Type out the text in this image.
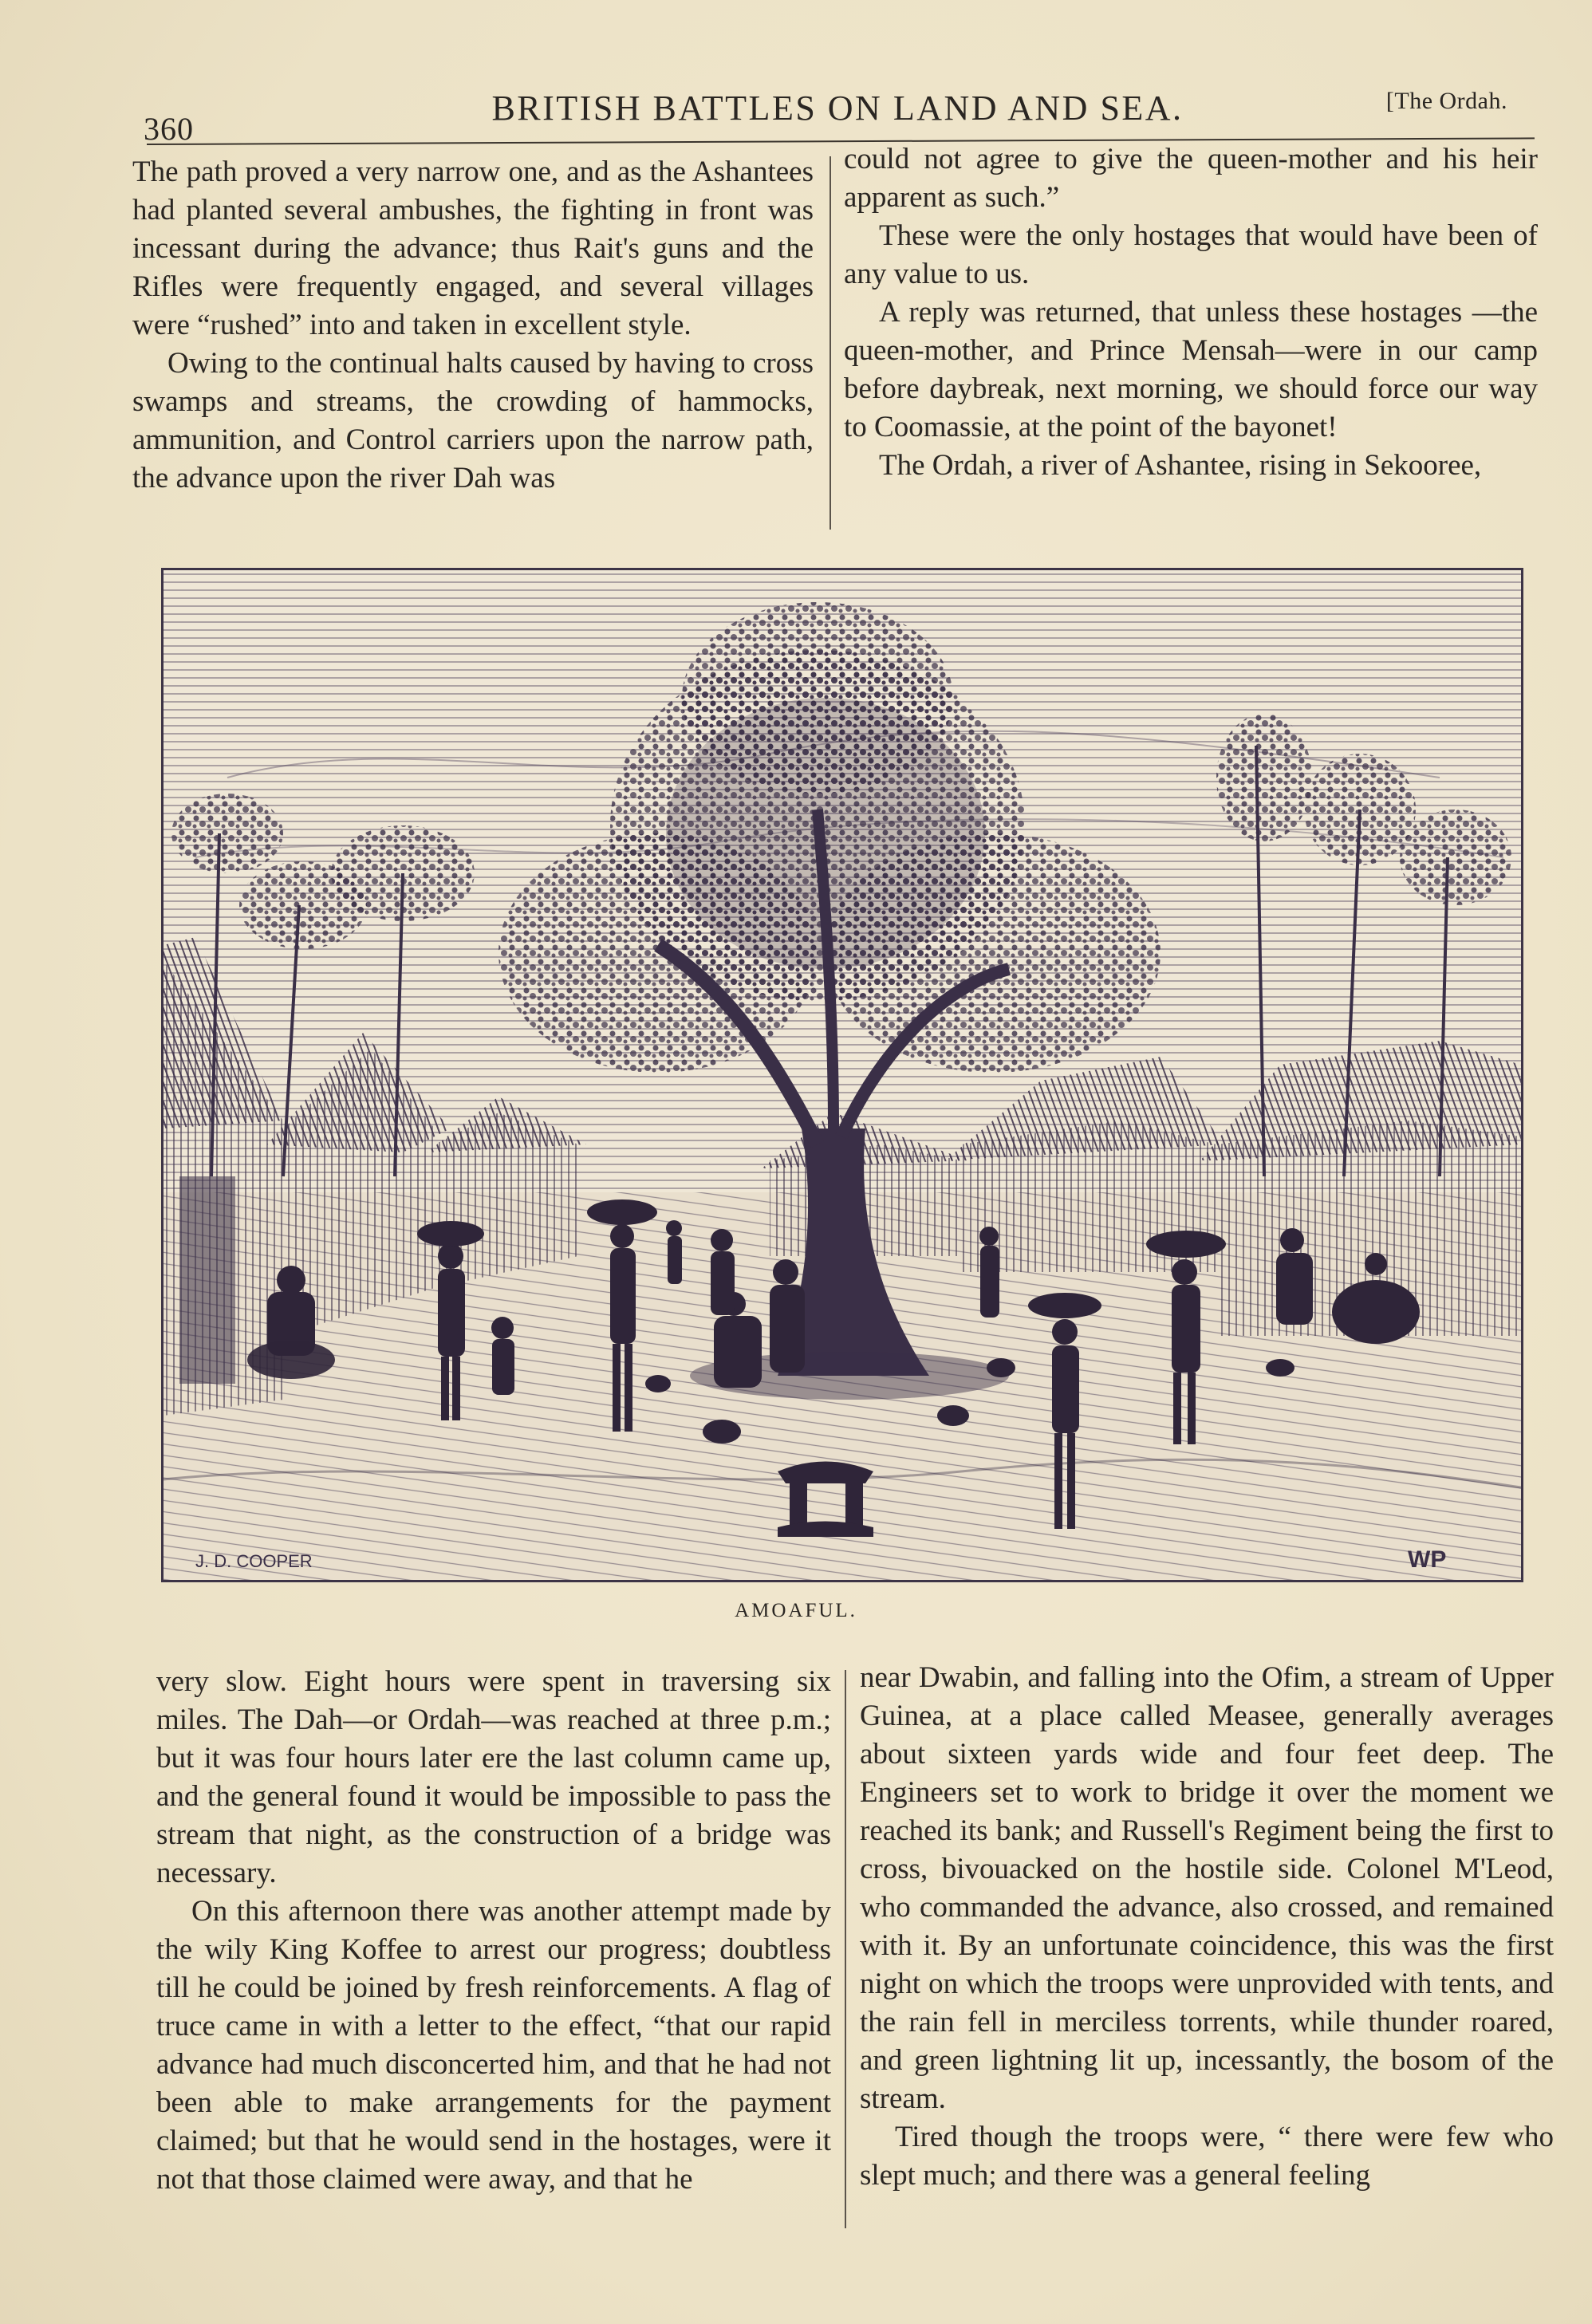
360
BRITISH BATTLES ON LAND AND SEA.	[The Ordah.

The path proved a very narrow one, and as the Ashantees had planted several ambushes, the fighting in front was incessant during the advance; thus Rait's guns and the Rifles were frequently engaged, and several villages were “rushed” into and taken in excellent style.

Owing to the continual halts caused by having to cross swamps and streams, the crowding of hammocks, ammunition, and Control carriers upon the narrow path, the advance upon the river Dah was

could not agree to give the queen-mother and his heir apparent as such.”

These were the only hostages that would have been of any value to us.

A reply was returned, that unless these hostages —the queen-mother, and Prince Mensah—were in our camp before daybreak, next morning, we should force our way to Coomassie, at the point of the bayonet!

The Ordah, a river of Ashantee, rising in Sekooree,

J. D. COOPER	WP
AMOAFUL.

very slow. Eight hours were spent in traversing six miles. The Dah—or Ordah—was reached at three p.m.; but it was four hours later ere the last column came up, and the general found it would be impossible to pass the stream that night, as the construction of a bridge was necessary.

On this afternoon there was another attempt made by the wily King Koffee to arrest our progress; doubtless till he could be joined by fresh reinforcements. A flag of truce came in with a letter to the effect, “that our rapid advance had much disconcerted him, and that he had not been able to make arrangements for the payment claimed; but that he would send in the hostages, were it not that those claimed were away, and that he

near Dwabin, and falling into the Ofim, a stream of Upper Guinea, at a place called Measee, generally averages about sixteen yards wide and four feet deep. The Engineers set to work to bridge it over the moment we reached its bank; and Russell's Regiment being the first to cross, bivouacked on the hostile side. Colonel M'Leod, who commanded the advance, also crossed, and remained with it. By an unfortunate coincidence, this was the first night on which the troops were unprovided with tents, and the rain fell in merciless torrents, while thunder roared, and green lightning lit up, incessantly, the bosom of the stream.

Tired though the troops were, “ there were few who slept much; and there was a general feeling
